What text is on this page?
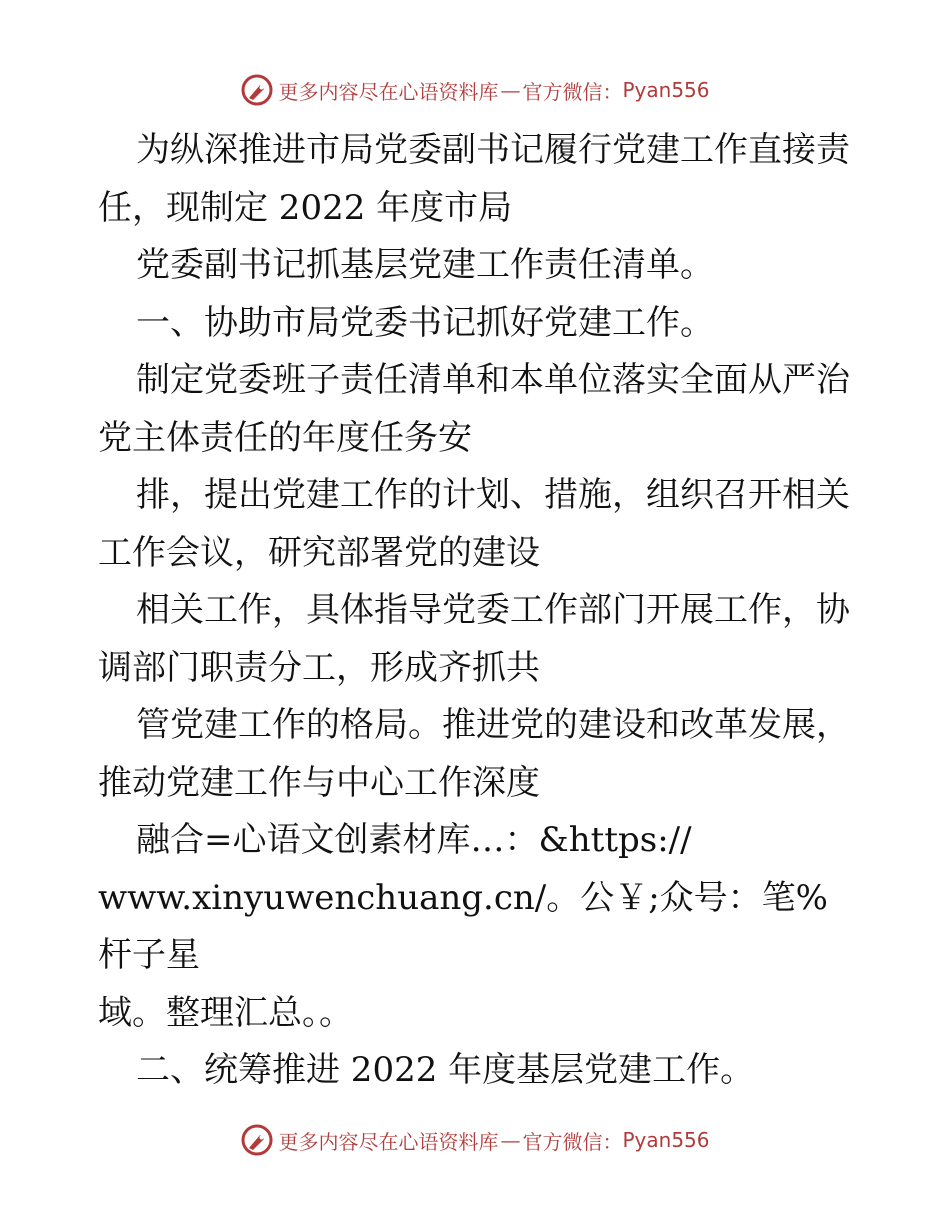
更多内容尽在心语资料库 — 官方微信： Pyan556

为纵深推进市局党委副书记履行党建工作直接责
任，现制定 2022 年度市局

党委副书记抓基层党建工作责任清单。

一、协助市局党委书记抓好党建工作。

制定党委班子责任清单和本单位落实全面从严治
党主体责任的年度任务安

排，提出党建工作的计划、措施，组织召开相关
工作会议，研究部署党的建设

相关工作，具体指导党委工作部门开展工作，协
调部门职责分工，形成齐抓共

管党建工作的格局。推进党的建设和改革发展，
推动党建工作与中心工作深度

融合=心语文创素材库…：&https://
www.xinyuwenchuang.cn/。公￥;众号：笔%杆子星
域。整理汇总。。

二、统筹推进 2022 年度基层党建工作。

更多内容尽在心语资料库 — 官方微信： Pyan556
